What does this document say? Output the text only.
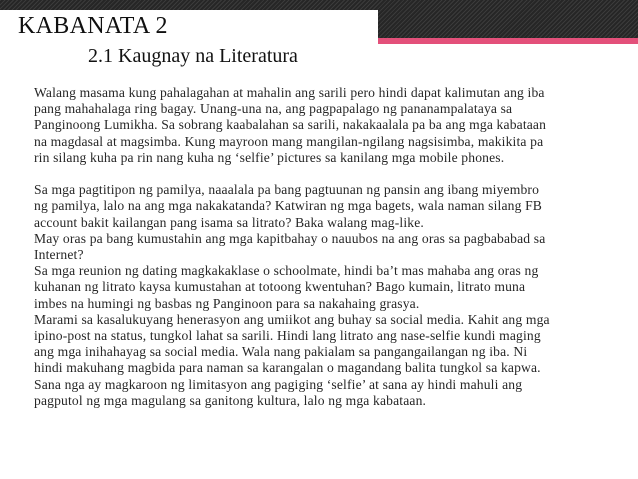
KABANATA 2
2.1 Kaugnay na Literatura

Walang masama kung pahalagahan at mahalin ang sarili pero hindi dapat kalimutan ang iba
pang mahahalaga ring bagay. Unang-una na, ang pagpapalago ng pananampalataya sa
Panginoong Lumikha. Sa sobrang kaabalahan sa sarili, nakakaalala pa ba ang mga kabataan
na magdasal at magsimba. Kung mayroon mang mangilan-ngilang nagsisimba, makikita pa
rin silang kuha pa rin nang kuha ng ‘selfie’ pictures sa kanilang mga mobile phones.

Sa mga pagtitipon ng pamilya, naaalala pa bang pagtuunan ng pansin ang ibang miyembro
ng pamilya, lalo na ang mga nakakatanda? Katwiran ng mga bagets, wala naman silang FB
account bakit kailangan pang isama sa litrato? Baka walang mag-like.
May oras pa bang kumustahin ang mga kapitbahay o nauubos na ang oras sa pagbababad sa
Internet?
Sa mga reunion ng dating magkakaklase o schoolmate, hindi ba’t mas mahaba ang oras ng
kuhanan ng litrato kaysa kumustahan at totoong kwentuhan? Bago kumain, litrato muna
imbes na humingi ng basbas ng Panginoon para sa nakahaing grasya.
Marami sa kasalukuyang henerasyon ang umiikot ang buhay sa social media. Kahit ang mga
ipino-post na status, tungkol lahat sa sarili. Hindi lang litrato ang nase-selfie kundi maging
ang mga inihahayag sa social media. Wala nang pakialam sa pangangailangan ng iba. Ni
hindi makuhang magbida para naman sa karangalan o magandang balita tungkol sa kapwa.
Sana nga ay magkaroon ng limitasyon ang pagiging ‘selfie’ at sana ay hindi mahuli ang
pagputol ng mga magulang sa ganitong kultura, lalo ng mga kabataan.
